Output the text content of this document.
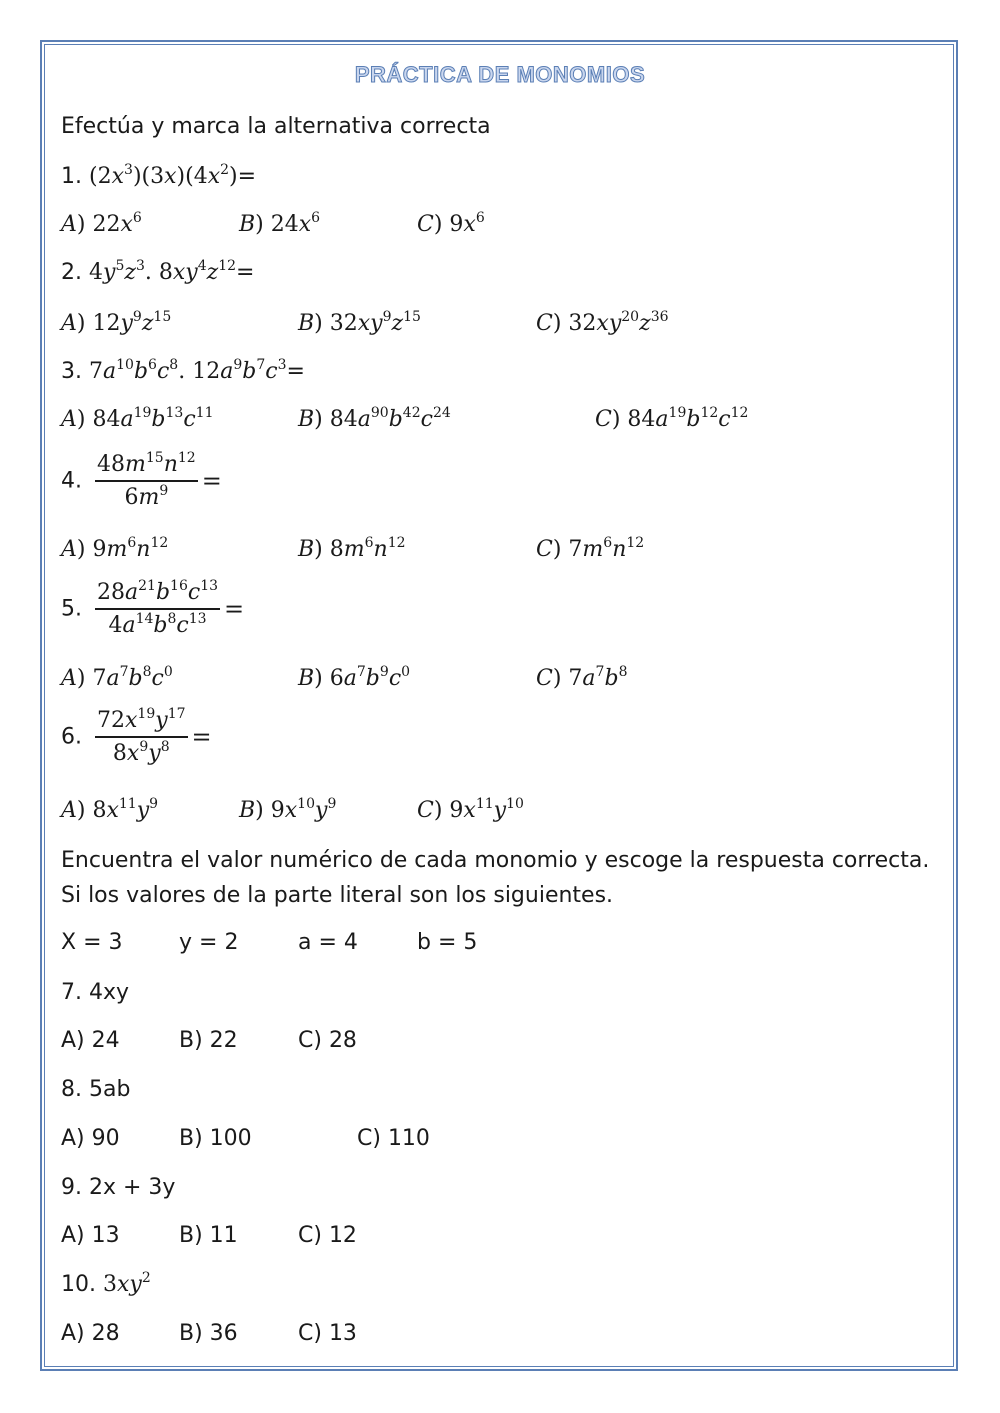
PRÁCTICA DE MONOMIOS
Efectúa y marca la alternativa correcta
1. $(2x^3)(3x)(4x^2)=$
A) $22x^6$	B) $24x^6$	C) $9x^6$
2. $4y^5z^3$. $8xy^4z^{12}=$
A) $12y^9z^{15}$	B) $32xy^9z^{15}$	C) $32xy^{20}z^{36}$
3. $7a^{10}b^6c^8$. $12a^9b^7c^3=$
A) $84a^{19}b^{13}c^{11}$	B) $84a^{90}b^{42}c^{24}$	C) $84a^{19}b^{12}c^{12}$
4. $\frac{48m^{15}n^{12}}{6m^9}$ =
A) $9m^6n^{12}$	B) $8m^6n^{12}$	C) $7m^6n^{12}$
5. $\frac{28a^{21}b^{16}c^{13}}{4a^{14}b^8c^{13}}$ =
A) $7a^7b^8c^0$	B) $6a^7b^9c^0$	C) $7a^7b^8$
6. $\frac{72x^{19}y^{17}}{8x^9y^8}$ =
A) $8x^{11}y^9$	B) $9x^{10}y^9$	C) $9x^{11}y^{10}$
Encuentra el valor numérico de cada monomio y escoge la respuesta correcta. Si los valores de la parte literal son los siguientes.
X = 3	y = 2	a = 4	b = 5
7. 4xy
A) 24	B) 22	C) 28
8. 5ab
A) 90	B) 100	C) 110
9. 2x + 3y
A) 13	B) 11	C) 12
10. $3xy^2$
A) 28	B) 36	C) 13
